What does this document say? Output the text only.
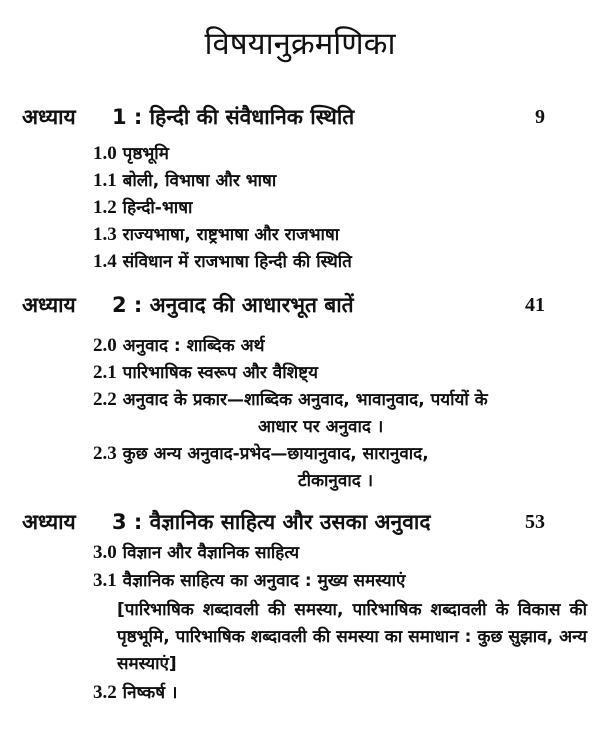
विषयानुक्रमणिका
अध्याय 1 : हिन्दी की संवैधानिक स्थिति	9
1.0 पृष्ठभूमि
1.1 बोली, विभाषा और भाषा
1.2 हिन्दी-भाषा
1.3 राज्यभाषा, राष्ट्रभाषा और राजभाषा
1.4 संविधान में राजभाषा हिन्दी की स्थिति
अध्याय 2 : अनुवाद की आधारभूत बातें	41
2.0 अनुवाद : शाब्दिक अर्थ
2.1 पारिभाषिक स्वरूप और वैशिष्ट्य
2.2 अनुवाद के प्रकार—शाब्दिक अनुवाद, भावानुवाद, पर्यायों के
आधार पर अनुवाद ।
2.3 कुछ अन्य अनुवाद-प्रभेद—छायानुवाद, सारानुवाद,
टीकानुवाद ।
अध्याय 3 : वैज्ञानिक साहित्य और उसका अनुवाद	53
3.0 विज्ञान और वैज्ञानिक साहित्य
3.1 वैज्ञानिक साहित्य का अनुवाद : मुख्य समस्याएं
[पारिभाषिक शब्दावली की समस्या, पारिभाषिक शब्दावली के विकास की पृष्ठभूमि, पारिभाषिक शब्दावली की समस्या का समाधान : कुछ सुझाव, अन्य समस्याएं]
3.2 निष्कर्ष ।
